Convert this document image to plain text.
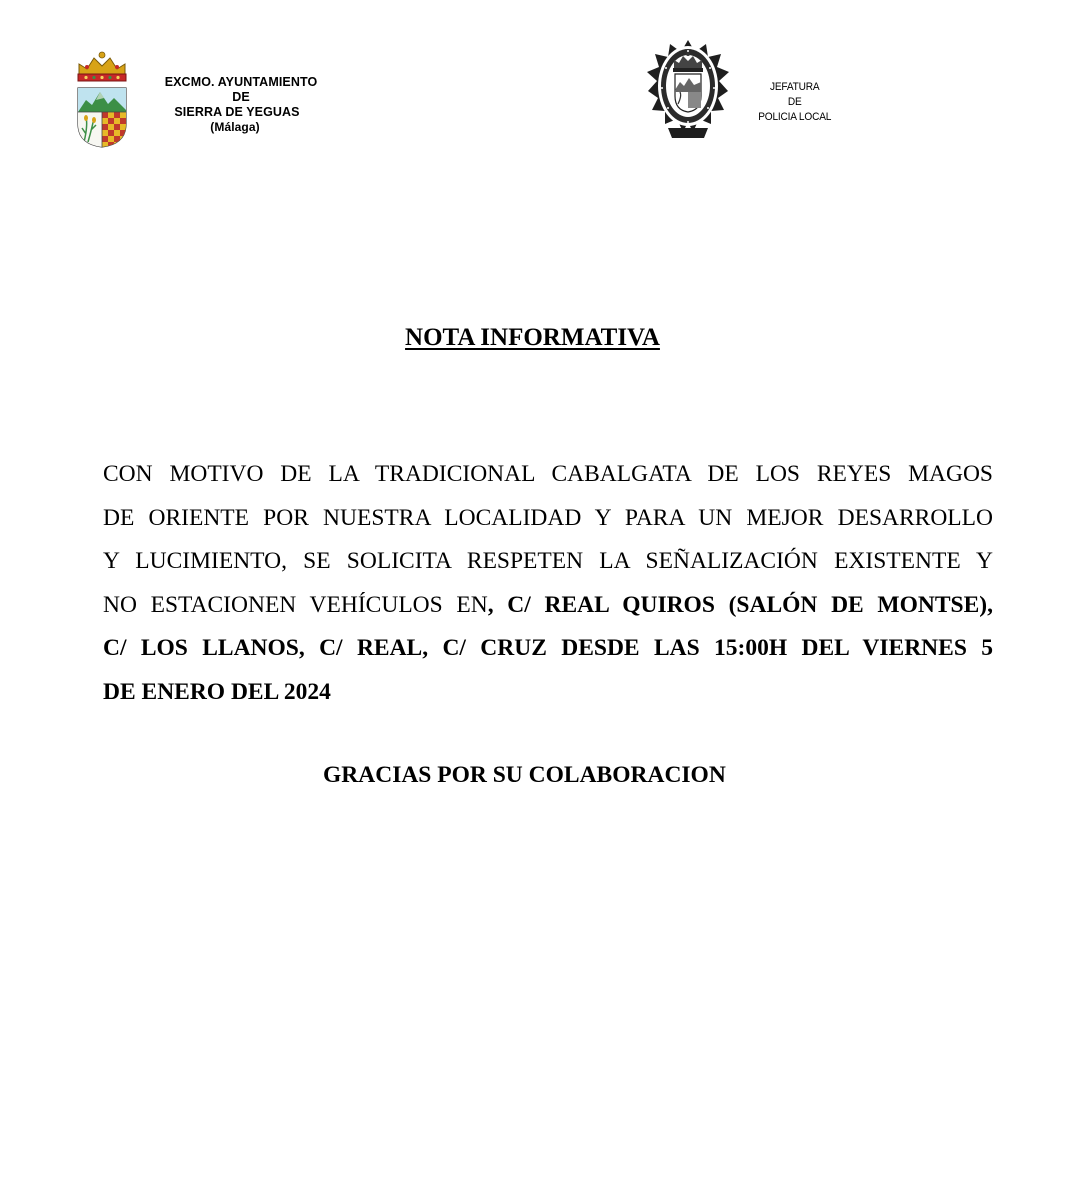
EXCMO. AYUNTAMIENTO
DE
SIERRA DE YEGUAS
(Málaga)
JEFATURA
DE
POLICIA LOCAL
NOTA INFORMATIVA
CON MOTIVO DE LA TRADICIONAL CABALGATA DE LOS REYES MAGOS
DE ORIENTE POR NUESTRA LOCALIDAD Y PARA UN MEJOR DESARROLLO
Y LUCIMIENTO, SE SOLICITA RESPETEN LA SEÑALIZACIÓN EXISTENTE Y
NO ESTACIONEN VEHÍCULOS EN, C/ REAL QUIROS (SALÓN DE MONTSE),
C/ LOS LLANOS, C/ REAL, C/ CRUZ DESDE LAS 15:00H DEL VIERNES 5
DE ENERO DEL 2024
GRACIAS POR SU COLABORACION
